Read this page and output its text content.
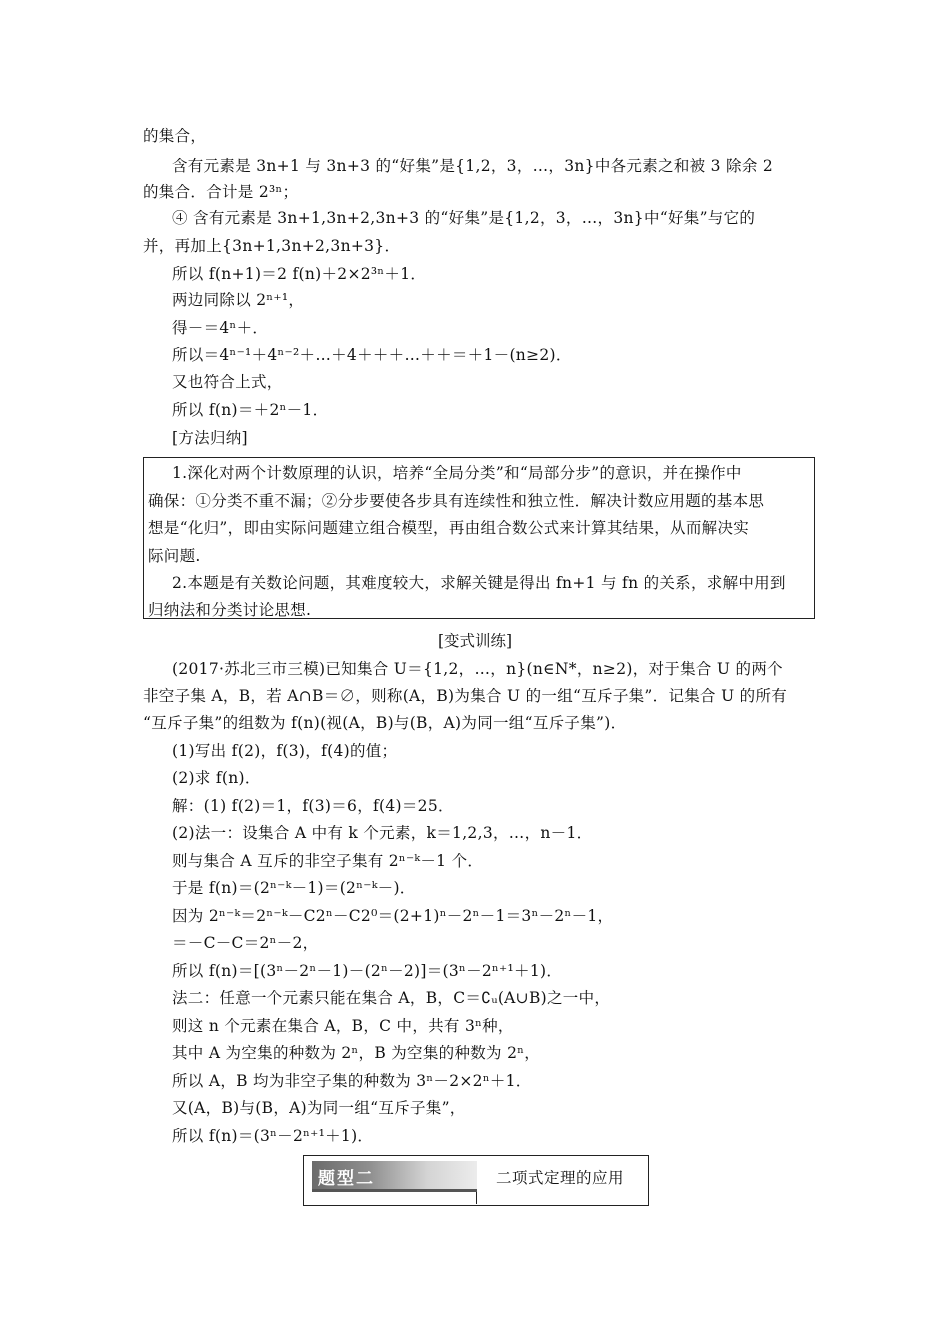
的集合，
含有元素是 3n+1 与 3n+3 的“好集”是{1,2，3，…，3n}中各元素之和被 3 除余 2
的集合．合计是 2³ⁿ；
④ 含有元素是 3n+1,3n+2,3n+3 的“好集”是{1,2，3，…，3n}中“好集”与它的
并，再加上{3n+1,3n+2,3n+3}．
所以 f(n+1)＝2 f(n)＋2×2³ⁿ＋1．
两边同除以 2ⁿ⁺¹，
得－＝4ⁿ＋．
所以＝4ⁿ⁻¹＋4ⁿ⁻²＋…＋4＋＋＋…＋＋＝＋1－(n≥2)．
又也符合上式，
所以 f(n)＝＋2ⁿ－1．
[方法归纳]
1.深化对两个计数原理的认识，培养“全局分类”和“局部分步”的意识，并在操作中
确保：①分类不重不漏；②分步要使各步具有连续性和独立性．解决计数应用题的基本思
想是“化归”，即由实际问题建立组合模型，再由组合数公式来计算其结果，从而解决实
际问题.
2.本题是有关数论问题，其难度较大，求解关键是得出 fn+1 与 fn 的关系，求解中用到
归纳法和分类讨论思想.
[变式训练]
(2017·苏北三市三模)已知集合 U＝{1,2，…，n}(n∈N*，n≥2)，对于集合 U 的两个
非空子集 A，B，若 A∩B＝∅，则称(A，B)为集合 U 的一组“互斥子集”．记集合 U 的所有
“互斥子集”的组数为 f(n)(视(A，B)与(B，A)为同一组“互斥子集”)．
(1)写出 f(2)，f(3)，f(4)的值；
(2)求 f(n)．
解：(1) f(2)＝1，f(3)＝6，f(4)＝25．
(2)法一：设集合 A 中有 k 个元素，k＝1,2,3，…，n－1．
则与集合 A 互斥的非空子集有 2ⁿ⁻ᵏ－1 个．
于是 f(n)＝(2ⁿ⁻ᵏ－1)＝(2ⁿ⁻ᵏ－)．
因为 2ⁿ⁻ᵏ＝2ⁿ⁻ᵏ－C2ⁿ－C2⁰＝(2+1)ⁿ－2ⁿ－1＝3ⁿ－2ⁿ－1，
＝－C－C＝2ⁿ－2，
所以 f(n)＝[(3ⁿ－2ⁿ－1)－(2ⁿ－2)]＝(3ⁿ－2ⁿ⁺¹＋1)．
法二：任意一个元素只能在集合 A，B，C＝∁ᵤ(A∪B)之一中，
则这 n 个元素在集合 A，B，C 中，共有 3ⁿ种，
其中 A 为空集的种数为 2ⁿ，B 为空集的种数为 2ⁿ，
所以 A，B 均为非空子集的种数为 3ⁿ－2×2ⁿ＋1．
又(A，B)与(B，A)为同一组“互斥子集”，
所以 f(n)＝(3ⁿ－2ⁿ⁺¹＋1)．
题型二	二项式定理的应用
